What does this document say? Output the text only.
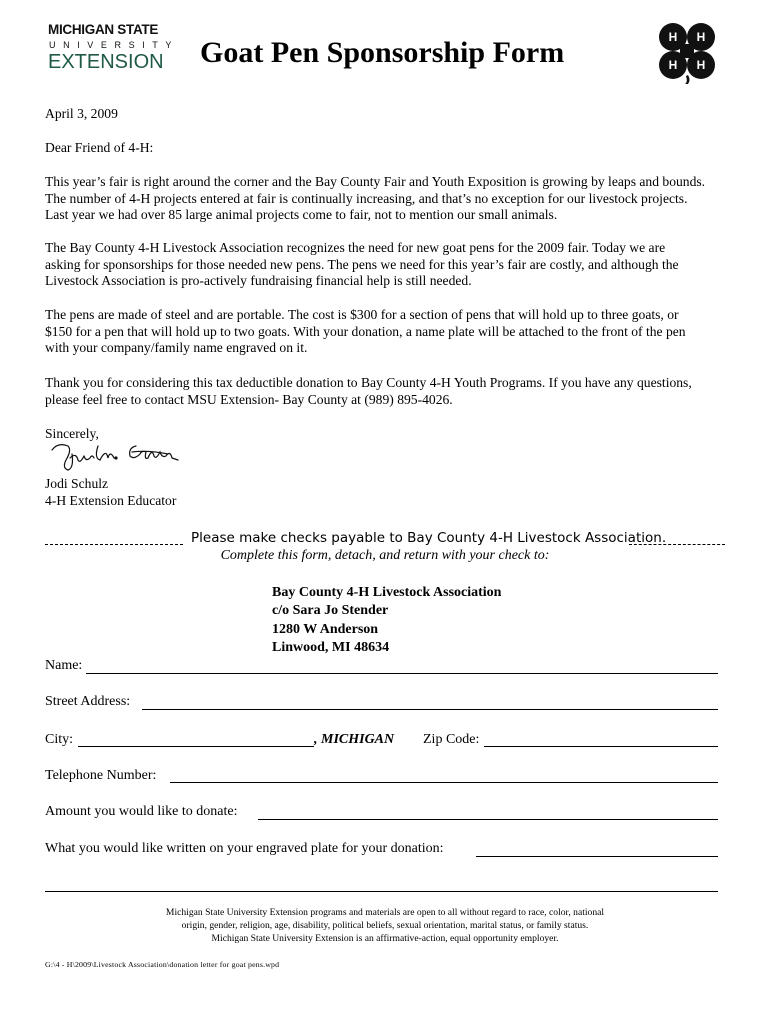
MICHIGAN STATE
UNIVERSITY
EXTENSION Goat Pen Sponsorship Form	H H
H H
April 3, 2009
Dear Friend of 4-H:
This year’s fair is right around the corner and the Bay County Fair and Youth Exposition is growing by leaps and bounds.
The number of 4-H projects entered at fair is continually increasing, and that’s no exception for our livestock projects.
Last year we had over 85 large animal projects come to fair, not to mention our small animals.
The Bay County 4-H Livestock Association recognizes the need for new goat pens for the 2009 fair. Today we are
asking for sponsorships for those needed new pens. The pens we need for this year’s fair are costly, and although the
Livestock Association is pro-actively fundraising financial help is still needed.
The pens are made of steel and are portable. The cost is $300 for a section of pens that will hold up to three goats, or
$150 for a pen that will hold up to two goats. With your donation, a name plate will be attached to the front of the pen
with your company/family name engraved on it.
Thank you for considering this tax deductible donation to Bay County 4-H Youth Programs. If you have any questions,
please feel free to contact MSU Extension- Bay County at (989) 895-4026.
Sincerely,
Jodi Schulz
4-H Extension Educator
Please make checks payable to Bay County 4-H Livestock Association.
Complete this form, detach, and return with your check to:
Bay County 4-H Livestock Association
c/o Sara Jo Stender
1280 W Anderson
Linwood, MI 48634
Name:
Street Address:
City:	, MICHIGAN Zip Code:
Telephone Number:
Amount you would like to donate:
What you would like written on your engraved plate for your donation:
Michigan State University Extension programs and materials are open to all without regard to race, color, national
origin, gender, religion, age, disability, political beliefs, sexual orientation, marital status, or family status.
Michigan State University Extension is an affirmative-action, equal opportunity employer.
G:\4 - H\2009\Livestock Association\donation letter for goat pens.wpd
